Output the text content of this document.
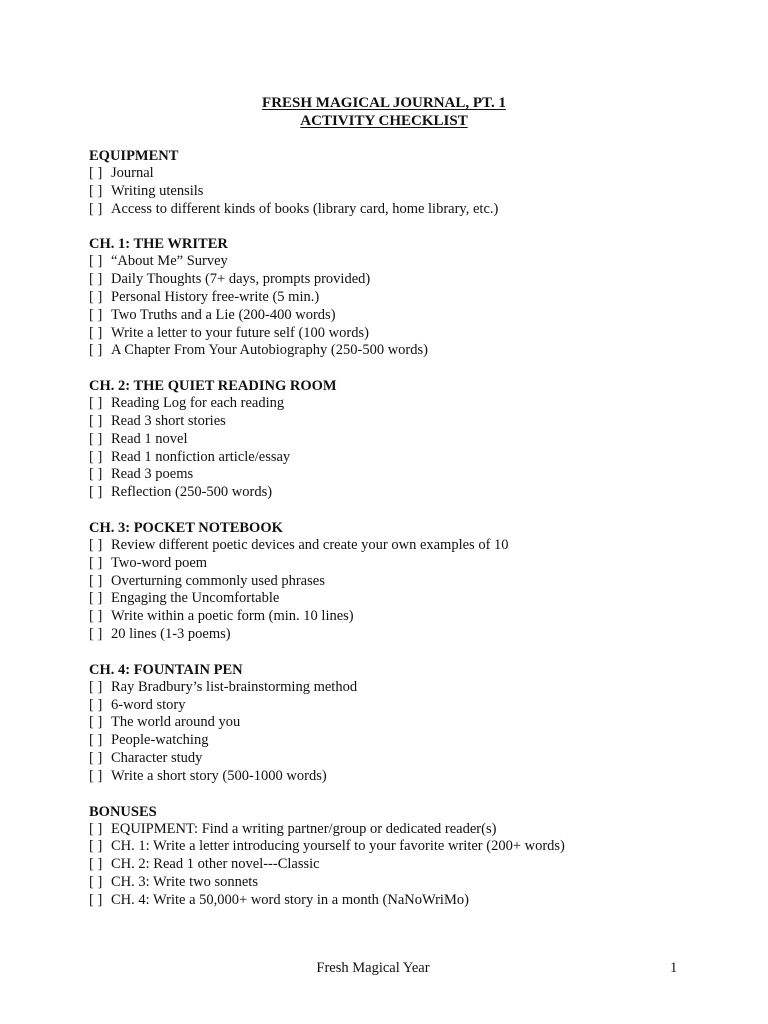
FRESH MAGICAL JOURNAL, PT. 1
ACTIVITY CHECKLIST
EQUIPMENT
[ ] Journal
[ ] Writing utensils
[ ] Access to different kinds of books (library card, home library, etc.)
CH. 1: THE WRITER
[ ] “About Me” Survey
[ ] Daily Thoughts (7+ days, prompts provided)
[ ] Personal History free-write (5 min.)
[ ] Two Truths and a Lie (200-400 words)
[ ] Write a letter to your future self (100 words)
[ ] A Chapter From Your Autobiography (250-500 words)
CH. 2: THE QUIET READING ROOM
[ ] Reading Log for each reading
[ ] Read 3 short stories
[ ] Read 1 novel
[ ] Read 1 nonfiction article/essay
[ ] Read 3 poems
[ ] Reflection (250-500 words)
CH. 3: POCKET NOTEBOOK
[ ] Review different poetic devices and create your own examples of 10
[ ] Two-word poem
[ ] Overturning commonly used phrases
[ ] Engaging the Uncomfortable
[ ] Write within a poetic form (min. 10 lines)
[ ] 20 lines (1-3 poems)
CH. 4: FOUNTAIN PEN
[ ] Ray Bradbury’s list-brainstorming method
[ ] 6-word story
[ ] The world around you
[ ] People-watching
[ ] Character study
[ ] Write a short story (500-1000 words)
BONUSES
[ ] EQUIPMENT: Find a writing partner/group or dedicated reader(s)
[ ] CH. 1: Write a letter introducing yourself to your favorite writer (200+ words)
[ ] CH. 2: Read 1 other novel---Classic
[ ] CH. 3: Write two sonnets
[ ] CH. 4: Write a 50,000+ word story in a month (NaNoWriMo)
Fresh Magical Year	1
